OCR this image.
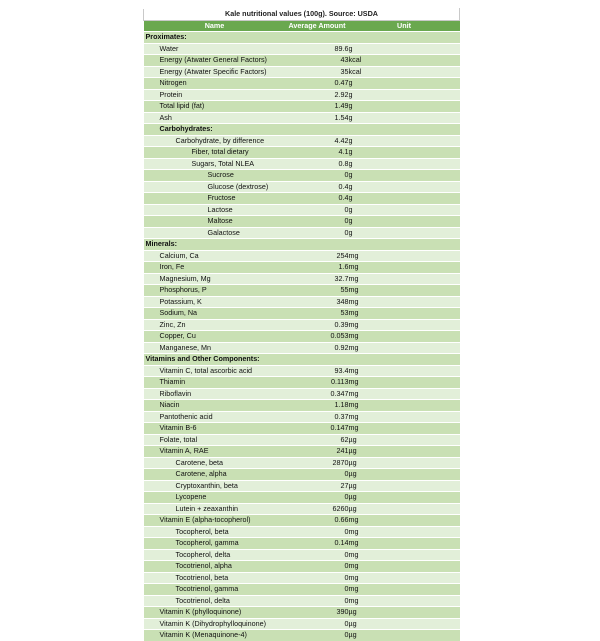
Kale nutritional values (100g). Source: USDA		
Name	Average Amount	Unit
Proximates:		
Water	89.6	g
Energy (Atwater General Factors)	43	kcal
Energy (Atwater Specific Factors)	35	kcal
Nitrogen	0.47	g
Protein	2.92	g
Total lipid (fat)	1.49	g
Ash	1.54	g
Carbohydrates:		
Carbohydrate, by difference	4.42	g
Fiber, total dietary	4.1	g
Sugars, Total NLEA	0.8	g
Sucrose	0	g
Glucose (dextrose)	0.4	g
Fructose	0.4	g
Lactose	0	g
Maltose	0	g
Galactose	0	g
Minerals:		
Calcium, Ca	254	mg
Iron, Fe	1.6	mg
Magnesium, Mg	32.7	mg
Phosphorus, P	55	mg
Potassium, K	348	mg
Sodium, Na	53	mg
Zinc, Zn	0.39	mg
Copper, Cu	0.053	mg
Manganese, Mn	0.92	mg
Vitamins and Other Components:		
Vitamin C, total ascorbic acid	93.4	mg
Thiamin	0.113	mg
Riboflavin	0.347	mg
Niacin	1.18	mg
Pantothenic acid	0.37	mg
Vitamin B-6	0.147	mg
Folate, total	62	µg
Vitamin A, RAE	241	µg
Carotene, beta	2870	µg
Carotene, alpha	0	µg
Cryptoxanthin, beta	27	µg
Lycopene	0	µg
Lutein + zeaxanthin	6260	µg
Vitamin E (alpha-tocopherol)	0.66	mg
Tocopherol, beta	0	mg
Tocopherol, gamma	0.14	mg
Tocopherol, delta	0	mg
Tocotrienol, alpha	0	mg
Tocotrienol, beta	0	mg
Tocotrienol, gamma	0	mg
Tocotrienol, delta	0	mg
Vitamin K (phylloquinone)	390	µg
Vitamin K (Dihydrophylloquinone)	0	µg
Vitamin K (Menaquinone-4)	0	µg
